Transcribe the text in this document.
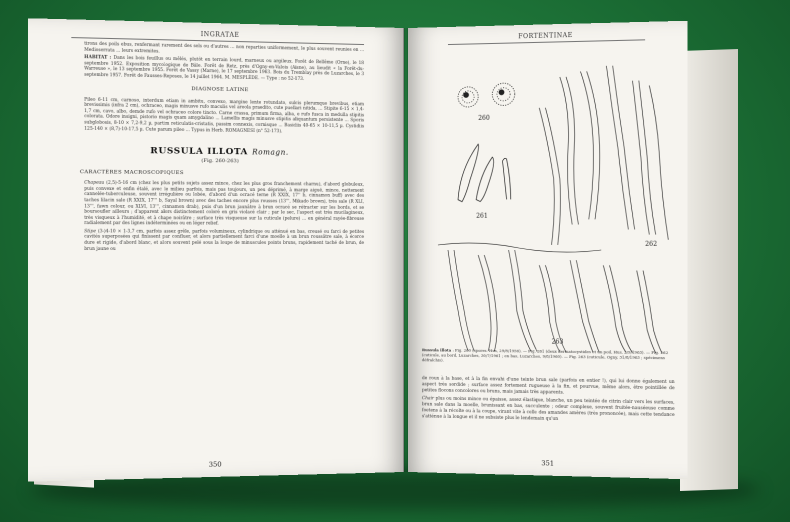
INGRATAE

tirons des poils ebus, renfermant rarement des sels ou d'autres ... non reparties uniformement, le plus souvent reunies en ... Medioserrata ... leurs extremites.

HABITAT : Dans les bois feuillus ou mêlés, plutôt en terrain lourd, marneux ou argileux. Forêt de Bellême (Orne), le 18 septembre 1952. Exposition mycologique de Bâle. Forêt de Retz, près d'Ogny-en-Valois (Aisne), au lieudit « la Forêt-du-Warreuse », le 13 septembre 1955. Forêt de Vassy (Marne), le 17 septembre 1963. Bois du Tremblay près de Luzarches, le 3 septembre 1957. Forêt de Fausses-Reposes, le 14 juillet 1964. M. MESPLÈDE. — Type : no 52-173.

DIAGNOSE LATINE

Pileo 6-11 cm, carnoso, interdum etiam in ambitu, convexo, margine lente rotundato, sulcis plerumque brevibus, etiam brevissimis (infra 2 cm), ochraceo, magis minusve rufo maculis vel areola praedito, cute puellari nitida, ... Stipite 6-15 × 1,4-1,7 cm, cavo, albo, demde rufo vel ochraceo colore tincto. Carne crassa, primum firma, alba, e rufo fusca in medulla stipitis colorata. Odore insigni, pistorio magis quam amygdalino ... Lamellis magis minusve stipitis aliquantum persistente ... Sporis subglobosis, 8-10 × 7,2-9,2 µ, partim reticulatis-cristatis, passim connexis, cornisque ... Basidiis 40-65 × 10-11,5 µ. Cystidiis 125-140 × (8,7)-10-17,5 µ. Cute parum pileo ... Typus in Herb. ROMAGNESI (n° 52-173).

RUSSULA ILLOTA Romagn.
(Fig. 260-263)
CARACTÈRES MACROSCOPIQUES

Chapeau (2,5)-5-16 cm (chez les plus petits sujets assez mince, chez les plus gros franchement charnu), d'abord globuleux, puis convexe et enfin étalé, avec le milieu parfois, mais pas toujours, un peu déprimé, à marge aiguë, mince, nettement cannelée-tuberculeuse, souvent irrégulière ou lobée, d'abord d'un ocracé terne (R XXIX, 17'' b, cinnamon buff) avec des taches lilacin sale (R XXIX, 17''' b, Sayal brown) avec des taches encore plus rousses (13''', Mikado brown), très sale (R XLI, 13''', fawn colour, ou XLVI, 13''', cinnamon drab), puis d'un brun jaunâtre à brun ocracé se rétracter sur les bords, et se boursoufler ailleurs ; d'apparent alors distinctement coloré en gris violacé clair ; par le sec, l'aspect est très mucilagineux, très visqueux à l'humidité, et à chape noirâtre ; surface très visqueuse sur la cuticule (pelure) ... en général rayée-fibreuse radialement par des lignes indéterminées ou en léger relief.

Stipe (3-)4-10 × 1-3,7 cm, parfois assez grêle, parfois volumineux, cylindrique ou atténué en bas, creusé ou farci de petites cavités superposées qui finissent par confluer, et alors partiellement farci d'une moelle à un brun roussâtre sale, à écorce dure et rigide, d'abord blanc, et alors souvent pelé sous la loupe de minuscules points bruns, rapidement taché de brun, de brun jaune ou

350
FORTENTINAE
260
261
262
263
Russula illota : Fig. 260 (spores. Hus, 29/8/1956). — Fig. 261 (deux dermatocystides et un poil, Hus, 2/9/1963). — Fig. 262 (cuticule, au bord, Luzarches, 30/7/1961 ; en bas, Luzarches, 9/8/1960). — Fig. 263 (cuticule, Ogny, 31/8/1963 ; spécimens défraîchis).

de roux à la base, et à la fin envahi d'une teinte brun sale (parfois en entier !), qui lui donne également un aspect très sordide ; surface assez fortement rugueuse à la fin, et pourvue, même alors, être pointillée de petites flocons concolores ou bruns, mais jamais très apparents.

Chair plus ou moins mince ou épaisse, assez élastique, blanche, un peu teintée de citrin clair vers les surfaces, brun sale dans la moelle, brunissant en bas, succulente ; odeur complexe, souvent fruitée-nauséeuse comme foetens à la récolte ou à la coupe, virant vite à celle des amandes amères (très prononcée), mais cette tendance s'atténue à la longue et il ne subsiste plus le lendemain qu'un

351
